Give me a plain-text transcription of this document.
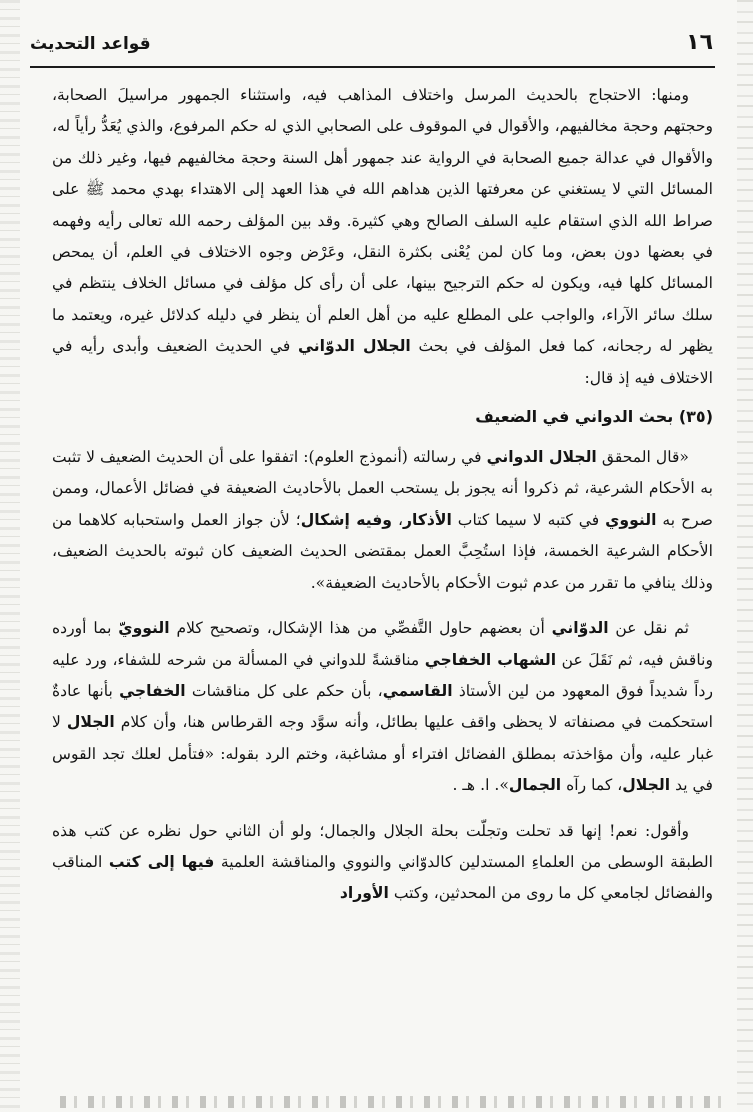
١٦
قواعد التحديث

ومنها: الاحتجاج بالحديث المرسل واختلاف المذاهب فيه، واستثناء الجمهور مراسيلَ الصحابة، وحجتهم وحجة مخالفيهم، والأقوال في الموقوف على الصحابي الذي له حكم المرفوع، والذي يُعَدُّ رأياً له، والأقوال في عدالة جميع الصحابة في الرواية عند جمهور أهل السنة وحجة مخالفيهم فيها، وغير ذلك من المسائل التي لا يستغني عن معرفتها الذين هداهم الله في هذا العهد إلى الاهتداء بهدي محمد ﷺ على صراط الله الذي استقام عليه السلف الصالح وهي كثيرة. وقد بين المؤلف رحمه الله تعالى رأيه وفهمه في بعضها دون بعض، وما كان لمن يُعْنى بكثرة النقل، وعَرْض وجوه الاختلاف في العلم، أن يمحص المسائل كلها فيه، ويكون له حكم الترجيح بينها، على أن رأى كل مؤلف في مسائل الخلاف ينتظم في سلك سائر الآراء، والواجب على المطلع عليه من أهل العلم أن ينظر في دليله كدلائل غيره، ويعتمد ما يظهر له رجحانه، كما فعل المؤلف في بحث الجلال الدوّاني في الحديث الضعيف وأبدى رأيه في الاختلاف فيه إذ قال:

(٣٥) بحث الدواني في الضعيف

«قال المحقق الجلال الدواني في رسالته (أنموذج العلوم): اتفقوا على أن الحديث الضعيف لا تثبت به الأحكام الشرعية، ثم ذكروا أنه يجوز بل يستحب العمل بالأحاديث الضعيفة في فضائل الأعمال، وممن صرح به النووي في كتبه لا سيما كتاب الأذكار، وفيه إشكال؛ لأن جواز العمل واستحبابه كلاهما من الأحكام الشرعية الخمسة، فإذا استُحِبَّ العمل بمقتضى الحديث الضعيف كان ثبوته بالحديث الضعيف، وذلك ينافي ما تقرر من عدم ثبوت الأحكام بالأحاديث الضعيفة».

ثم نقل عن الدوّاني أن بعضهم حاول التَّفصِّي من هذا الإشكال، وتصحيح كلام النوويّ بما أورده وناقش فيه، ثم نَقَلَ عن الشهاب الخفاجي مناقشةً للدواني في المسألة من شرحه للشفاء، ورد عليه رداً شديداً فوق المعهود من لين الأستاذ القاسمي، بأن حكم على كل مناقشات الخفاجي بأنها عادةٌ استحكمت في مصنفاته لا يحظى واقف عليها بطائل، وأنه سوَّد وجه القرطاس هنا، وأن كلام الجلال لا غبار عليه، وأن مؤاخذته بمطلق الفضائل افتراء أو مشاغبة، وختم الرد بقوله: «فتأمل لعلك تجد القوس في يد الجلال، كما رآه الجمال». ا. هـ .

وأقول: نعم! إنها قد تحلت وتجلّت بحلة الجلال والجمال؛ ولو أن الثاني حول نظره عن كتب هذه الطبقة الوسطى من العلماءِ المستدلين كالدوّاني والنووي والمناقشة العلمية فيها إلى كتب المناقب والفضائل لجامعي كل ما روى من المحدثين، وكتب الأوراد
